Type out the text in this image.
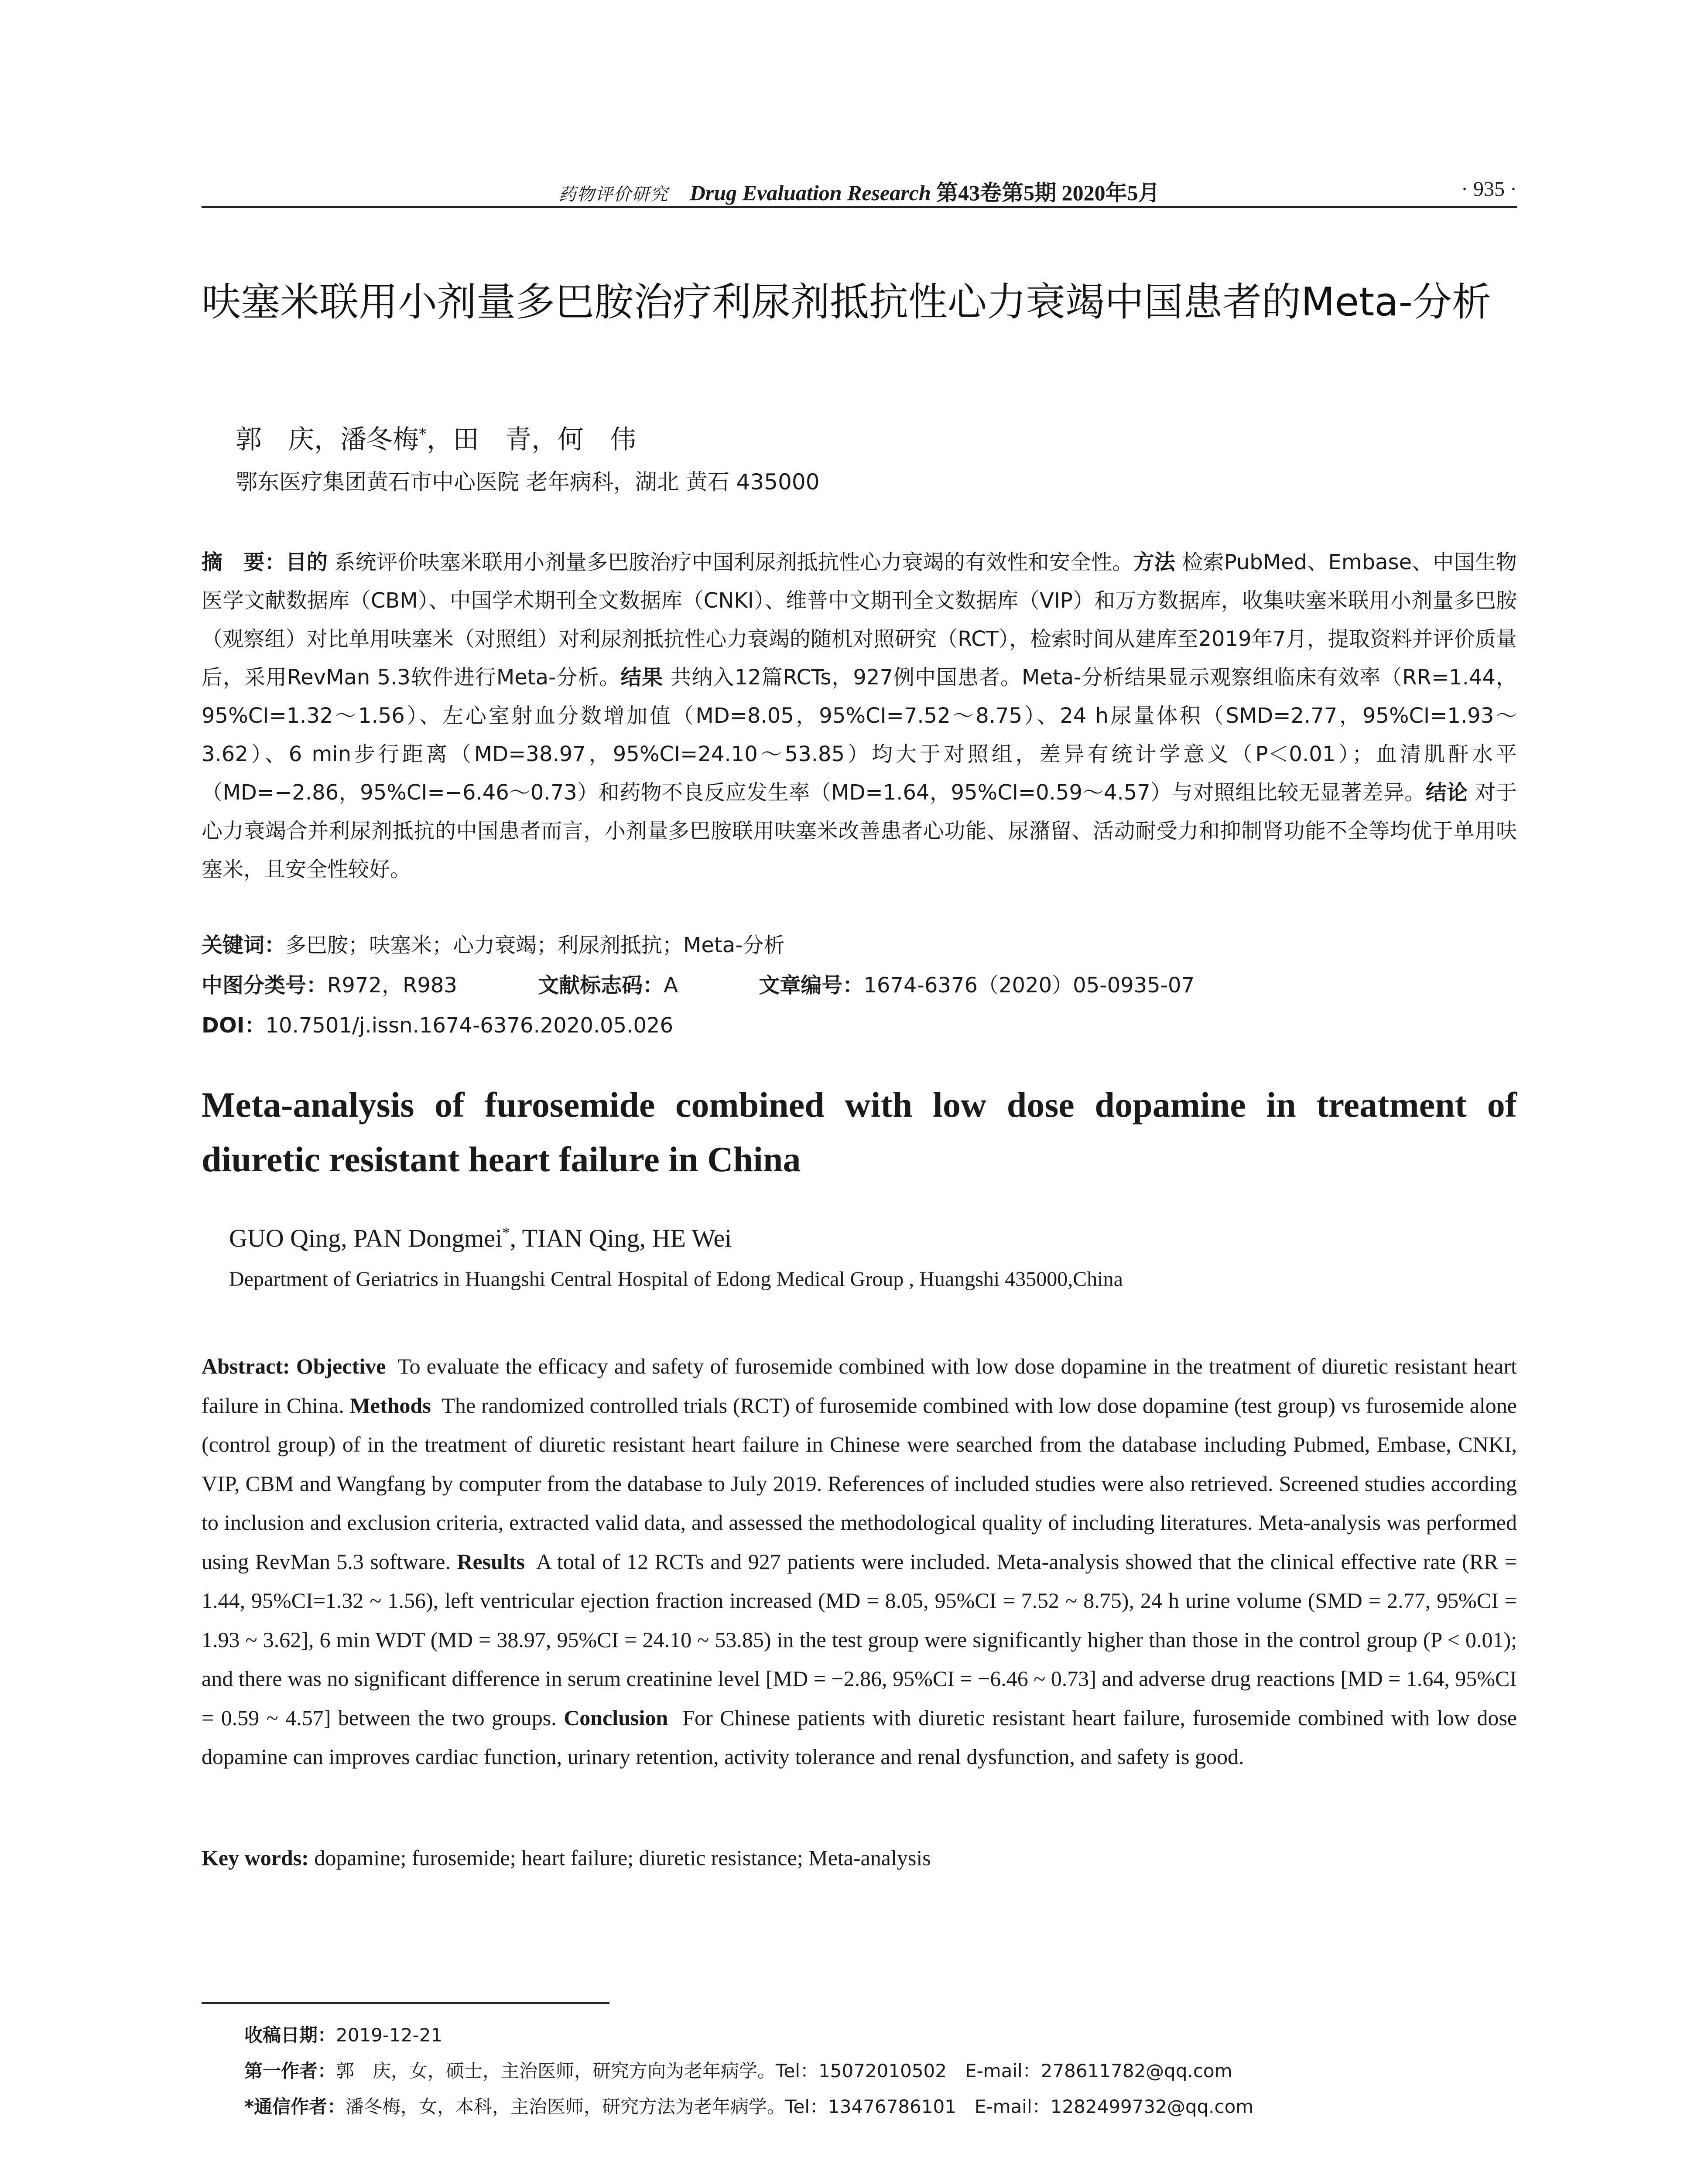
药物评价研究 Drug Evaluation Research 第43卷第5期 2020年5月	· 935 ·
呋塞米联用小剂量多巴胺治疗利尿剂抵抗性心力衰竭中国患者的Meta-分析
郭　庆，潘冬梅*，田　青，何　伟
鄂东医疗集团黄石市中心医院 老年病科，湖北 黄石 435000
摘　要：目的 系统评价呋塞米联用小剂量多巴胺治疗中国利尿剂抵抗性心力衰竭的有效性和安全性。方法 检索PubMed、Embase、中国生物医学文献数据库（CBM）、中国学术期刊全文数据库（CNKI）、维普中文期刊全文数据库（VIP）和万方数据库，收集呋塞米联用小剂量多巴胺（观察组）对比单用呋塞米（对照组）对利尿剂抵抗性心力衰竭的随机对照研究（RCT），检索时间从建库至2019年7月，提取资料并评价质量后，采用RevMan 5.3软件进行Meta-分析。结果 共纳入12篇RCTs，927例中国患者。Meta-分析结果显示观察组临床有效率（RR=1.44，95%CI=1.32～1.56）、左心室射血分数增加值（MD=8.05，95%CI=7.52～8.75）、24 h尿量体积（SMD=2.77，95%CI=1.93～3.62）、6 min步行距离（MD=38.97，95%CI=24.10～53.85）均大于对照组，差异有统计学意义（P＜0.01）；血清肌酐水平（MD=−2.86，95%CI=−6.46～0.73）和药物不良反应发生率（MD=1.64，95%CI=0.59～4.57）与对照组比较无显著差异。结论 对于心力衰竭合并利尿剂抵抗的中国患者而言，小剂量多巴胺联用呋塞米改善患者心功能、尿潴留、活动耐受力和抑制肾功能不全等均优于单用呋塞米，且安全性较好。
关键词：多巴胺；呋塞米；心力衰竭；利尿剂抵抗；Meta-分析
中图分类号：R972，R983	文献标志码：A	文章编号：1674-6376（2020）05-0935-07
DOI：10.7501/j.issn.1674-6376.2020.05.026
Meta-analysis of furosemide combined with low dose dopamine in treatment of diuretic resistant heart failure in China
GUO Qing, PAN Dongmei*, TIAN Qing, HE Wei
Department of Geriatrics in Huangshi Central Hospital of Edong Medical Group , Huangshi 435000,China
Abstract: Objective To evaluate the efficacy and safety of furosemide combined with low dose dopamine in the treatment of diuretic resistant heart failure in China. Methods The randomized controlled trials (RCT) of furosemide combined with low dose dopamine (test group) vs furosemide alone (control group) of in the treatment of diuretic resistant heart failure in Chinese were searched from the database including Pubmed, Embase, CNKI, VIP, CBM and Wangfang by computer from the database to July 2019. References of included studies were also retrieved. Screened studies according to inclusion and exclusion criteria, extracted valid data, and assessed the methodological quality of including literatures. Meta-analysis was performed using RevMan 5.3 software. Results A total of 12 RCTs and 927 patients were included. Meta-analysis showed that the clinical effective rate (RR = 1.44, 95%CI=1.32 ~ 1.56), left ventricular ejection fraction increased (MD = 8.05, 95%CI = 7.52 ~ 8.75), 24 h urine volume (SMD = 2.77, 95%CI = 1.93 ~ 3.62], 6 min WDT (MD = 38.97, 95%CI = 24.10 ~ 53.85) in the test group were significantly higher than those in the control group (P < 0.01); and there was no significant difference in serum creatinine level [MD = −2.86, 95%CI = −6.46 ~ 0.73] and adverse drug reactions [MD = 1.64, 95%CI = 0.59 ~ 4.57] between the two groups. Conclusion For Chinese patients with diuretic resistant heart failure, furosemide combined with low dose dopamine can improves cardiac function, urinary retention, activity tolerance and renal dysfunction, and safety is good.
Key words: dopamine; furosemide; heart failure; diuretic resistance; Meta-analysis
收稿日期：2019-12-21
第一作者：郭　庆，女，硕士，主治医师，研究方向为老年病学。Tel：15072010502　E-mail：278611782@qq.com
*通信作者：潘冬梅，女，本科，主治医师，研究方法为老年病学。Tel：13476786101　E-mail：1282499732@qq.com
